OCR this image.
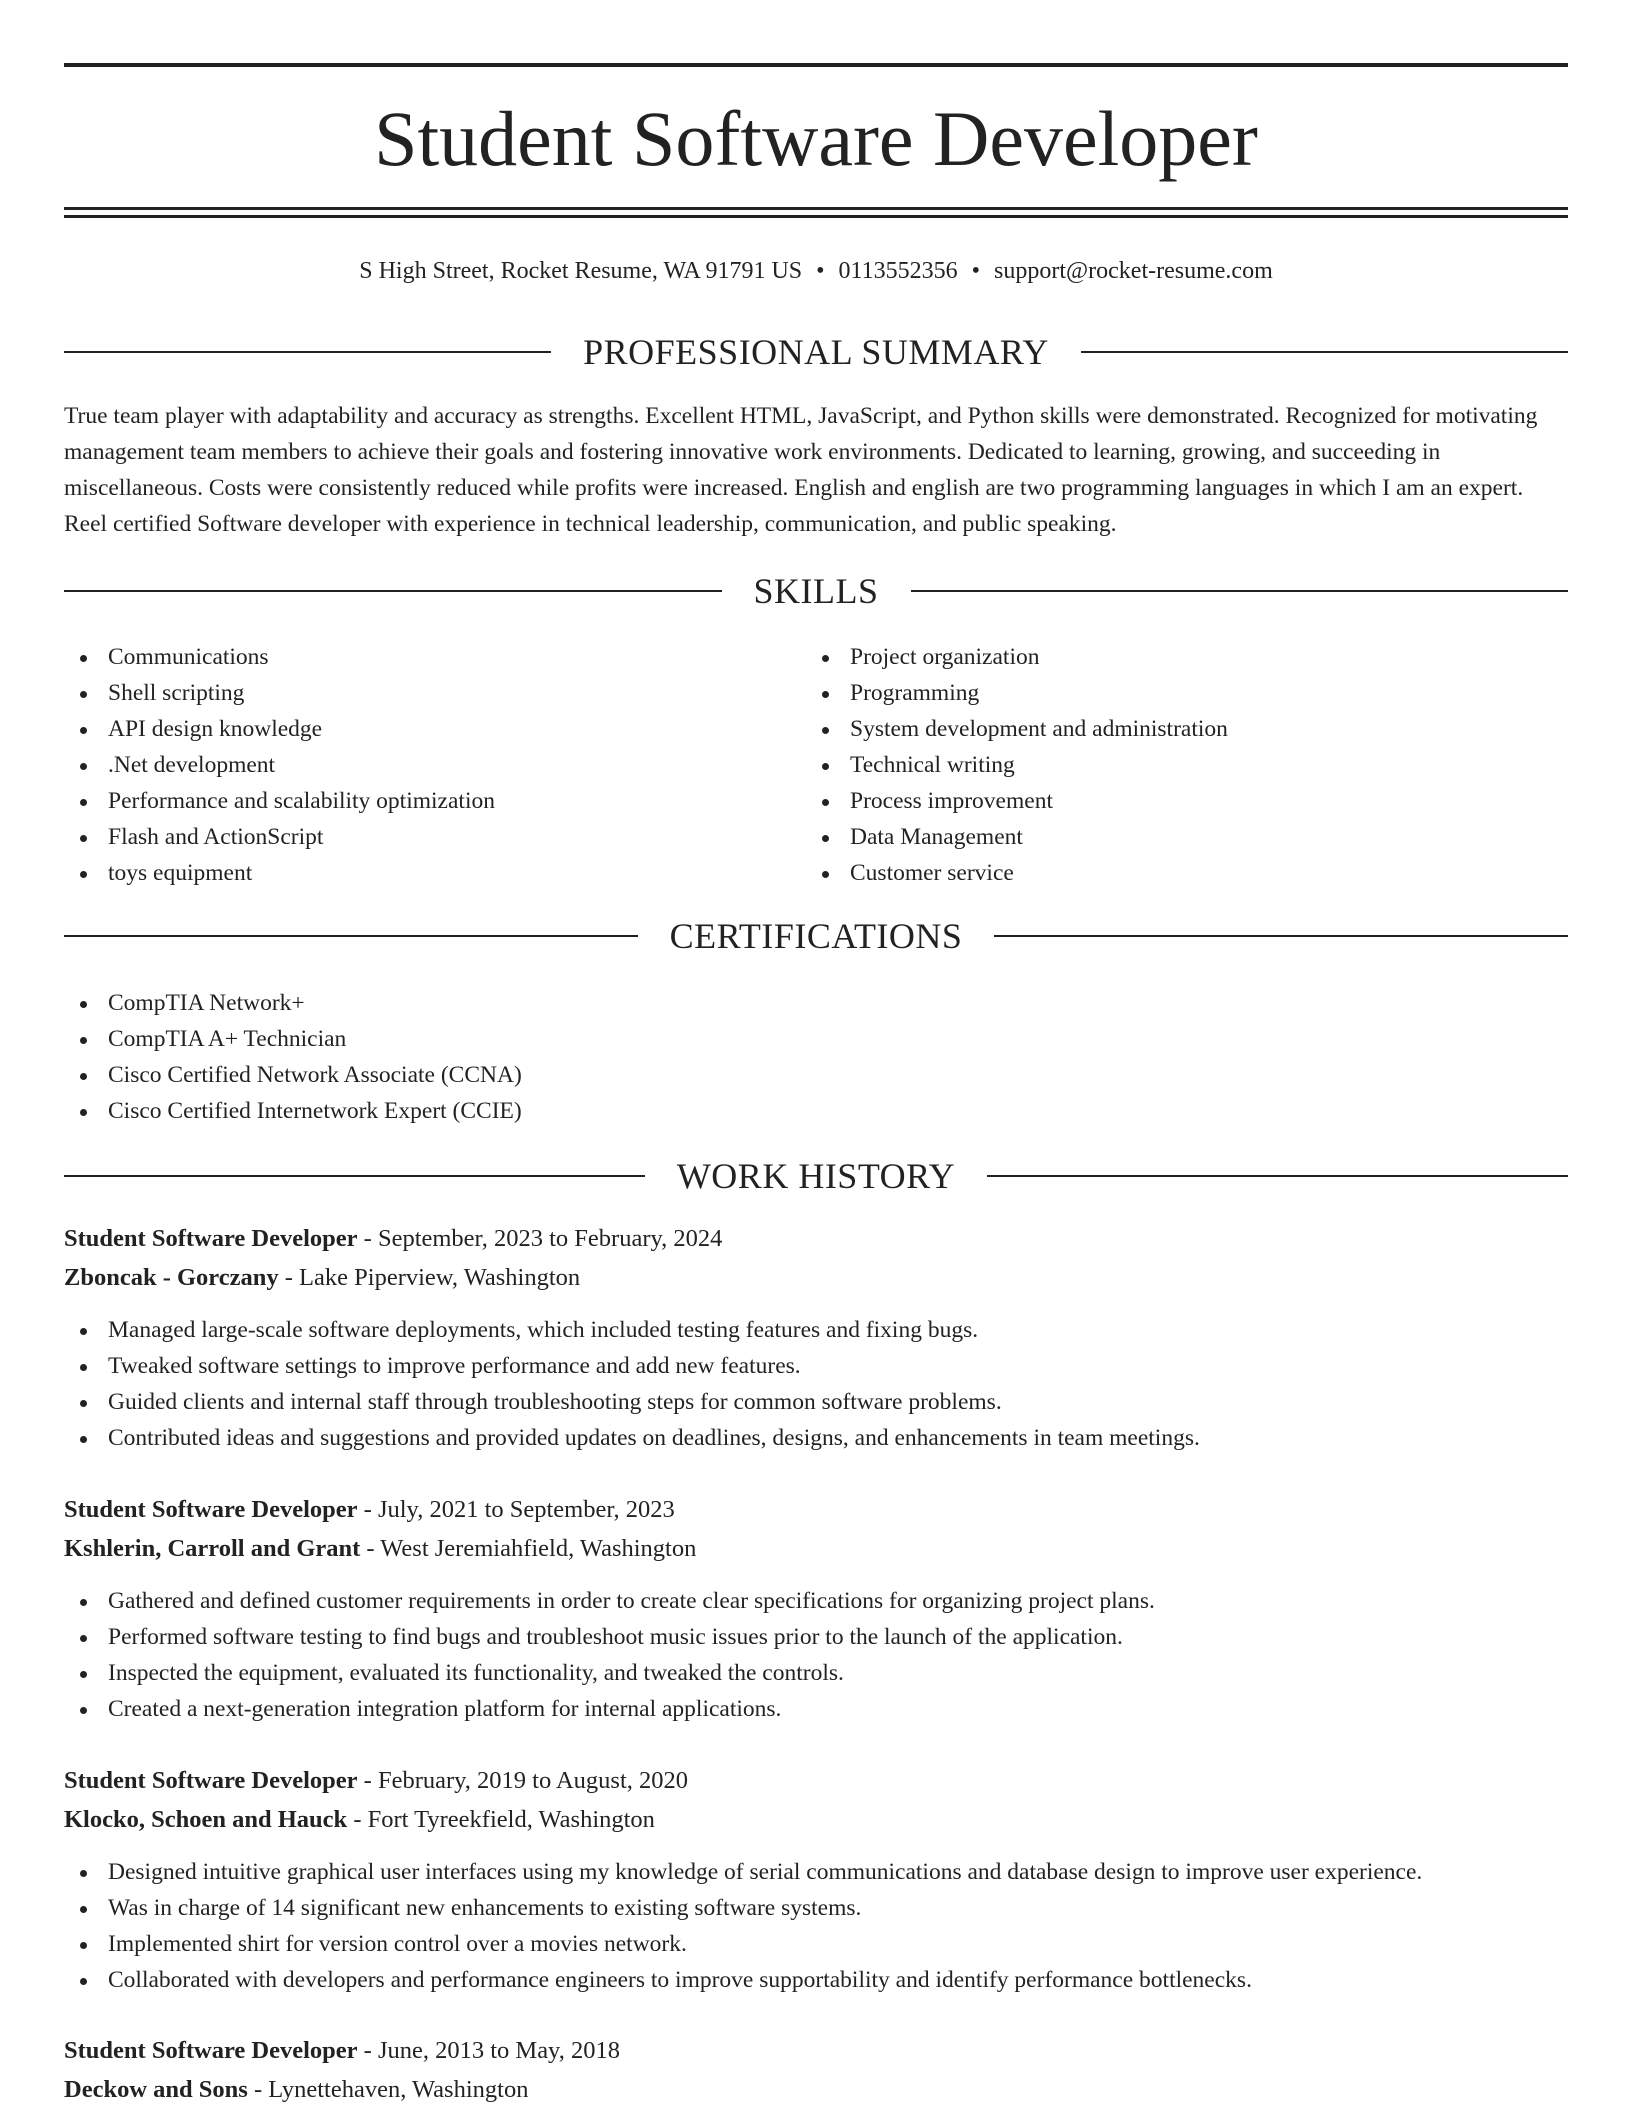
Student Software Developer
S High Street, Rocket Resume, WA 91791 US • 0113552356 • support@rocket-resume.com
PROFESSIONAL SUMMARY

True team player with adaptability and accuracy as strengths. Excellent HTML, JavaScript, and Python skills were demonstrated. Recognized for motivating management team members to achieve their goals and fostering innovative work environments. Dedicated to learning, growing, and succeeding in miscellaneous. Costs were consistently reduced while profits were increased. English and english are two programming languages in which I am an expert. Reel certified Software developer with experience in technical leadership, communication, and public speaking.

SKILLS
Communications
Shell scripting
API design knowledge
.Net development
Performance and scalability optimization
Flash and ActionScript
toys equipment
Project organization
Programming
System development and administration
Technical writing
Process improvement
Data Management
Customer service
CERTIFICATIONS
CompTIA Network+
CompTIA A+ Technician
Cisco Certified Network Associate (CCNA)
Cisco Certified Internetwork Expert (CCIE)
WORK HISTORY
Student Software Developer - September, 2023 to February, 2024
Zboncak - Gorczany - Lake Piperview, Washington
Managed large-scale software deployments, which included testing features and fixing bugs.
Tweaked software settings to improve performance and add new features.
Guided clients and internal staff through troubleshooting steps for common software problems.
Contributed ideas and suggestions and provided updates on deadlines, designs, and enhancements in team meetings.
Student Software Developer - July, 2021 to September, 2023
Kshlerin, Carroll and Grant - West Jeremiahfield, Washington
Gathered and defined customer requirements in order to create clear specifications for organizing project plans.
Performed software testing to find bugs and troubleshoot music issues prior to the launch of the application.
Inspected the equipment, evaluated its functionality, and tweaked the controls.
Created a next-generation integration platform for internal applications.
Student Software Developer - February, 2019 to August, 2020
Klocko, Schoen and Hauck - Fort Tyreekfield, Washington
Designed intuitive graphical user interfaces using my knowledge of serial communications and database design to improve user experience.
Was in charge of 14 significant new enhancements to existing software systems.
Implemented shirt for version control over a movies network.
Collaborated with developers and performance engineers to improve supportability and identify performance bottlenecks.
Student Software Developer - June, 2013 to May, 2018
Deckow and Sons - Lynettehaven, Washington
